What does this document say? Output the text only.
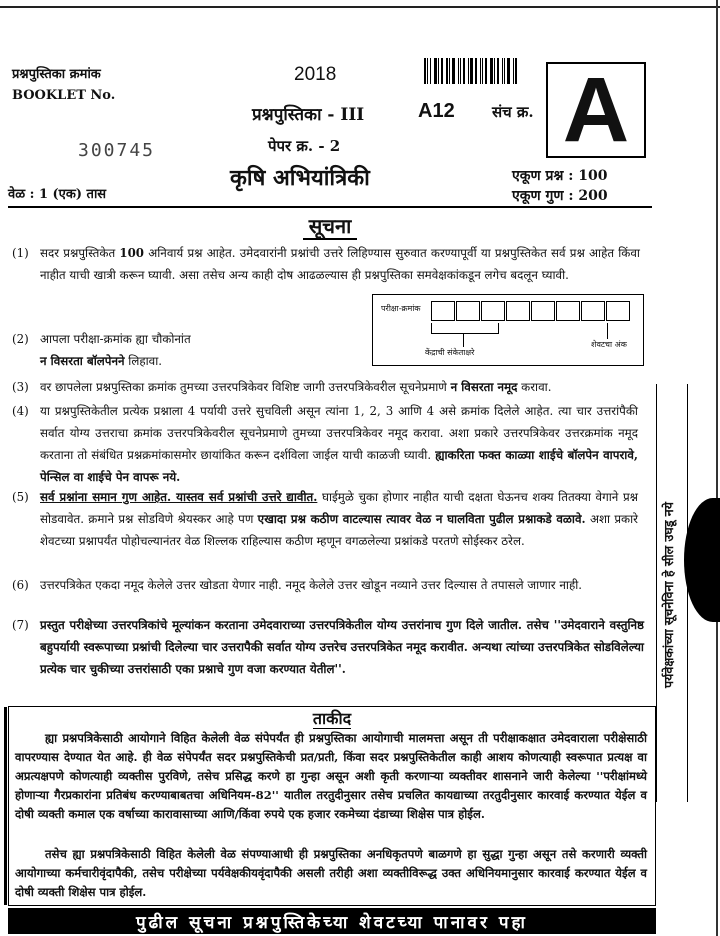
प्रश्नपुस्तिका क्रमांक
BOOKLET No.
300745
2018
प्रश्नपुस्तिका - III	A12 संच क्र. A
पेपर क्र. - 2
कृषि अभियांत्रिकी
वेळ : 1 (एक) तास
एकूण प्रश्न : 100
एकूण गुण : 200
सूचना
(1) सदर प्रश्नपुस्तिकेत 100 अनिवार्य प्रश्न आहेत. उमेदवारांनी प्रश्नांची उत्तरे लिहिण्यास सुरुवात करण्यापूर्वी या प्रश्नपुस्तिकेत सर्व प्रश्न आहेत किंवा नाहीत याची खात्री करून घ्यावी. असा तसेच अन्य काही दोष आढळल्यास ही प्रश्नपुस्तिका समवेक्षकांकडून लगेच बदलून घ्यावी.
(2) आपला परीक्षा-क्रमांक ह्या चौकोनांत
न विसरता बॉलपेनने लिहावा.
(3) वर छापलेला प्रश्नपुस्तिका क्रमांक तुमच्या उत्तरपत्रिकेवर विशिष्ट जागी उत्तरपत्रिकेवरील सूचनेप्रमाणे न विसरता नमूद करावा.
(4) या प्रश्नपुस्तिकेतील प्रत्येक प्रश्नाला 4 पर्यायी उत्तरे सुचविली असून त्यांना 1, 2, 3 आणि 4 असे क्रमांक दिलेले आहेत. त्या चार उत्तरांपैकी सर्वात योग्य उत्तराचा क्रमांक उत्तरपत्रिकेवरील सूचनेप्रमाणे तुमच्या उत्तरपत्रिकेवर नमूद करावा. अशा प्रकारे उत्तरपत्रिकेवर उत्तरक्रमांक नमूद करताना तो संबंधित प्रश्नक्रमांकासमोर छायांकित करून दर्शविला जाईल याची काळजी घ्यावी. ह्याकरिता फक्त काळ्या शाईचे बॉलपेन वापरावे, पेन्सिल वा शाईचे पेन वापरू नये.
(5) सर्व प्रश्नांना समान गुण आहेत. यास्तव सर्व प्रश्नांची उत्तरे द्यावीत. घाईमुळे चुका होणार नाहीत याची दक्षता घेऊनच शक्य तितक्या वेगाने प्रश्न सोडवावेत. क्रमाने प्रश्न सोडविणे श्रेयस्कर आहे पण एखादा प्रश्न कठीण वाटल्यास त्यावर वेळ न घालविता पुढील प्रश्नाकडे वळावे. अशा प्रकारे शेवटच्या प्रश्नापर्यंत पोहोचल्यानंतर वेळ शिल्लक राहिल्यास कठीण म्हणून वगळलेल्या प्रश्नांकडे परतणे सोईस्कर ठरेल.
(6) उत्तरपत्रिकेत एकदा नमूद केलेले उत्तर खोडता येणार नाही. नमूद केलेले उत्तर खोडून नव्याने उत्तर दिल्यास ते तपासले जाणार नाही.
(7) प्रस्तुत परीक्षेच्या उत्तरपत्रिकांचे मूल्यांकन करताना उमेदवाराच्या उत्तरपत्रिकेतील योग्य उत्तरांनाच गुण दिले जातील. तसेच ''उमेदवाराने वस्तुनिष्ठ बहुपर्यायी स्वरूपाच्या प्रश्नांची दिलेल्या चार उत्तरापैकी सर्वात योग्य उत्तरेच उत्तरपत्रिकेत नमूद करावीत. अन्यथा त्यांच्या उत्तरपत्रिकेत सोडविलेल्या प्रत्येक चार चुकीच्या उत्तरांसाठी एका प्रश्नाचे गुण वजा करण्यात येतील''.
परीक्षा-क्रमांक
केंद्राची संकेताक्षरे
शेवटचा अंक
ताकीद
ह्या प्रश्नपत्रिकेसाठी आयोगाने विहित केलेली वेळ संपेपर्यंत ही प्रश्नपुस्तिका आयोगाची मालमत्ता असून ती परीक्षाकक्षात उमेदवाराला परीक्षेसाठी वापरण्यास देण्यात येत आहे. ही वेळ संपेपर्यंत सदर प्रश्नपुस्तिकेची प्रत/प्रती, किंवा सदर प्रश्नपुस्तिकेतील काही आशय कोणत्याही स्वरूपात प्रत्यक्ष वा अप्रत्यक्षपणे कोणत्याही व्यक्तीस पुरविणे, तसेच प्रसिद्ध करणे हा गुन्हा असून अशी कृती करणाऱ्या व्यक्तीवर शासनाने जारी केलेल्या ''परीक्षांमध्ये होणाऱ्या गैरप्रकारांना प्रतिबंध करण्याबाबतचा अधिनियम-82'' यातील तरतुदीनुसार तसेच प्रचलित कायद्याच्या तरतुदीनुसार कारवाई करण्यात येईल व दोषी व्यक्ती कमाल एक वर्षाच्या कारावासाच्या आणि/किंवा रुपये एक हजार रकमेच्या दंडाच्या शिक्षेस पात्र होईल.
तसेच ह्या प्रश्नपत्रिकेसाठी विहित केलेली वेळ संपण्याआधी ही प्रश्नपुस्तिका अनधिकृतपणे बाळगणे हा सुद्धा गुन्हा असून तसे करणारी व्यक्ती आयोगाच्या कर्मचारीवृंदापैकी, तसेच परीक्षेच्या पर्यवेक्षकीयवृंदापैकी असली तरीही अशा व्यक्तीविरूद्ध उक्त अधिनियमानुसार कारवाई करण्यात येईल व दोषी व्यक्ती शिक्षेस पात्र होईल.
पर्यवेक्षकांच्या सूचनेविना हे सील उघडू नये
पुढील सूचना प्रश्नपुस्तिकेच्या शेवटच्या पानावर पहा
